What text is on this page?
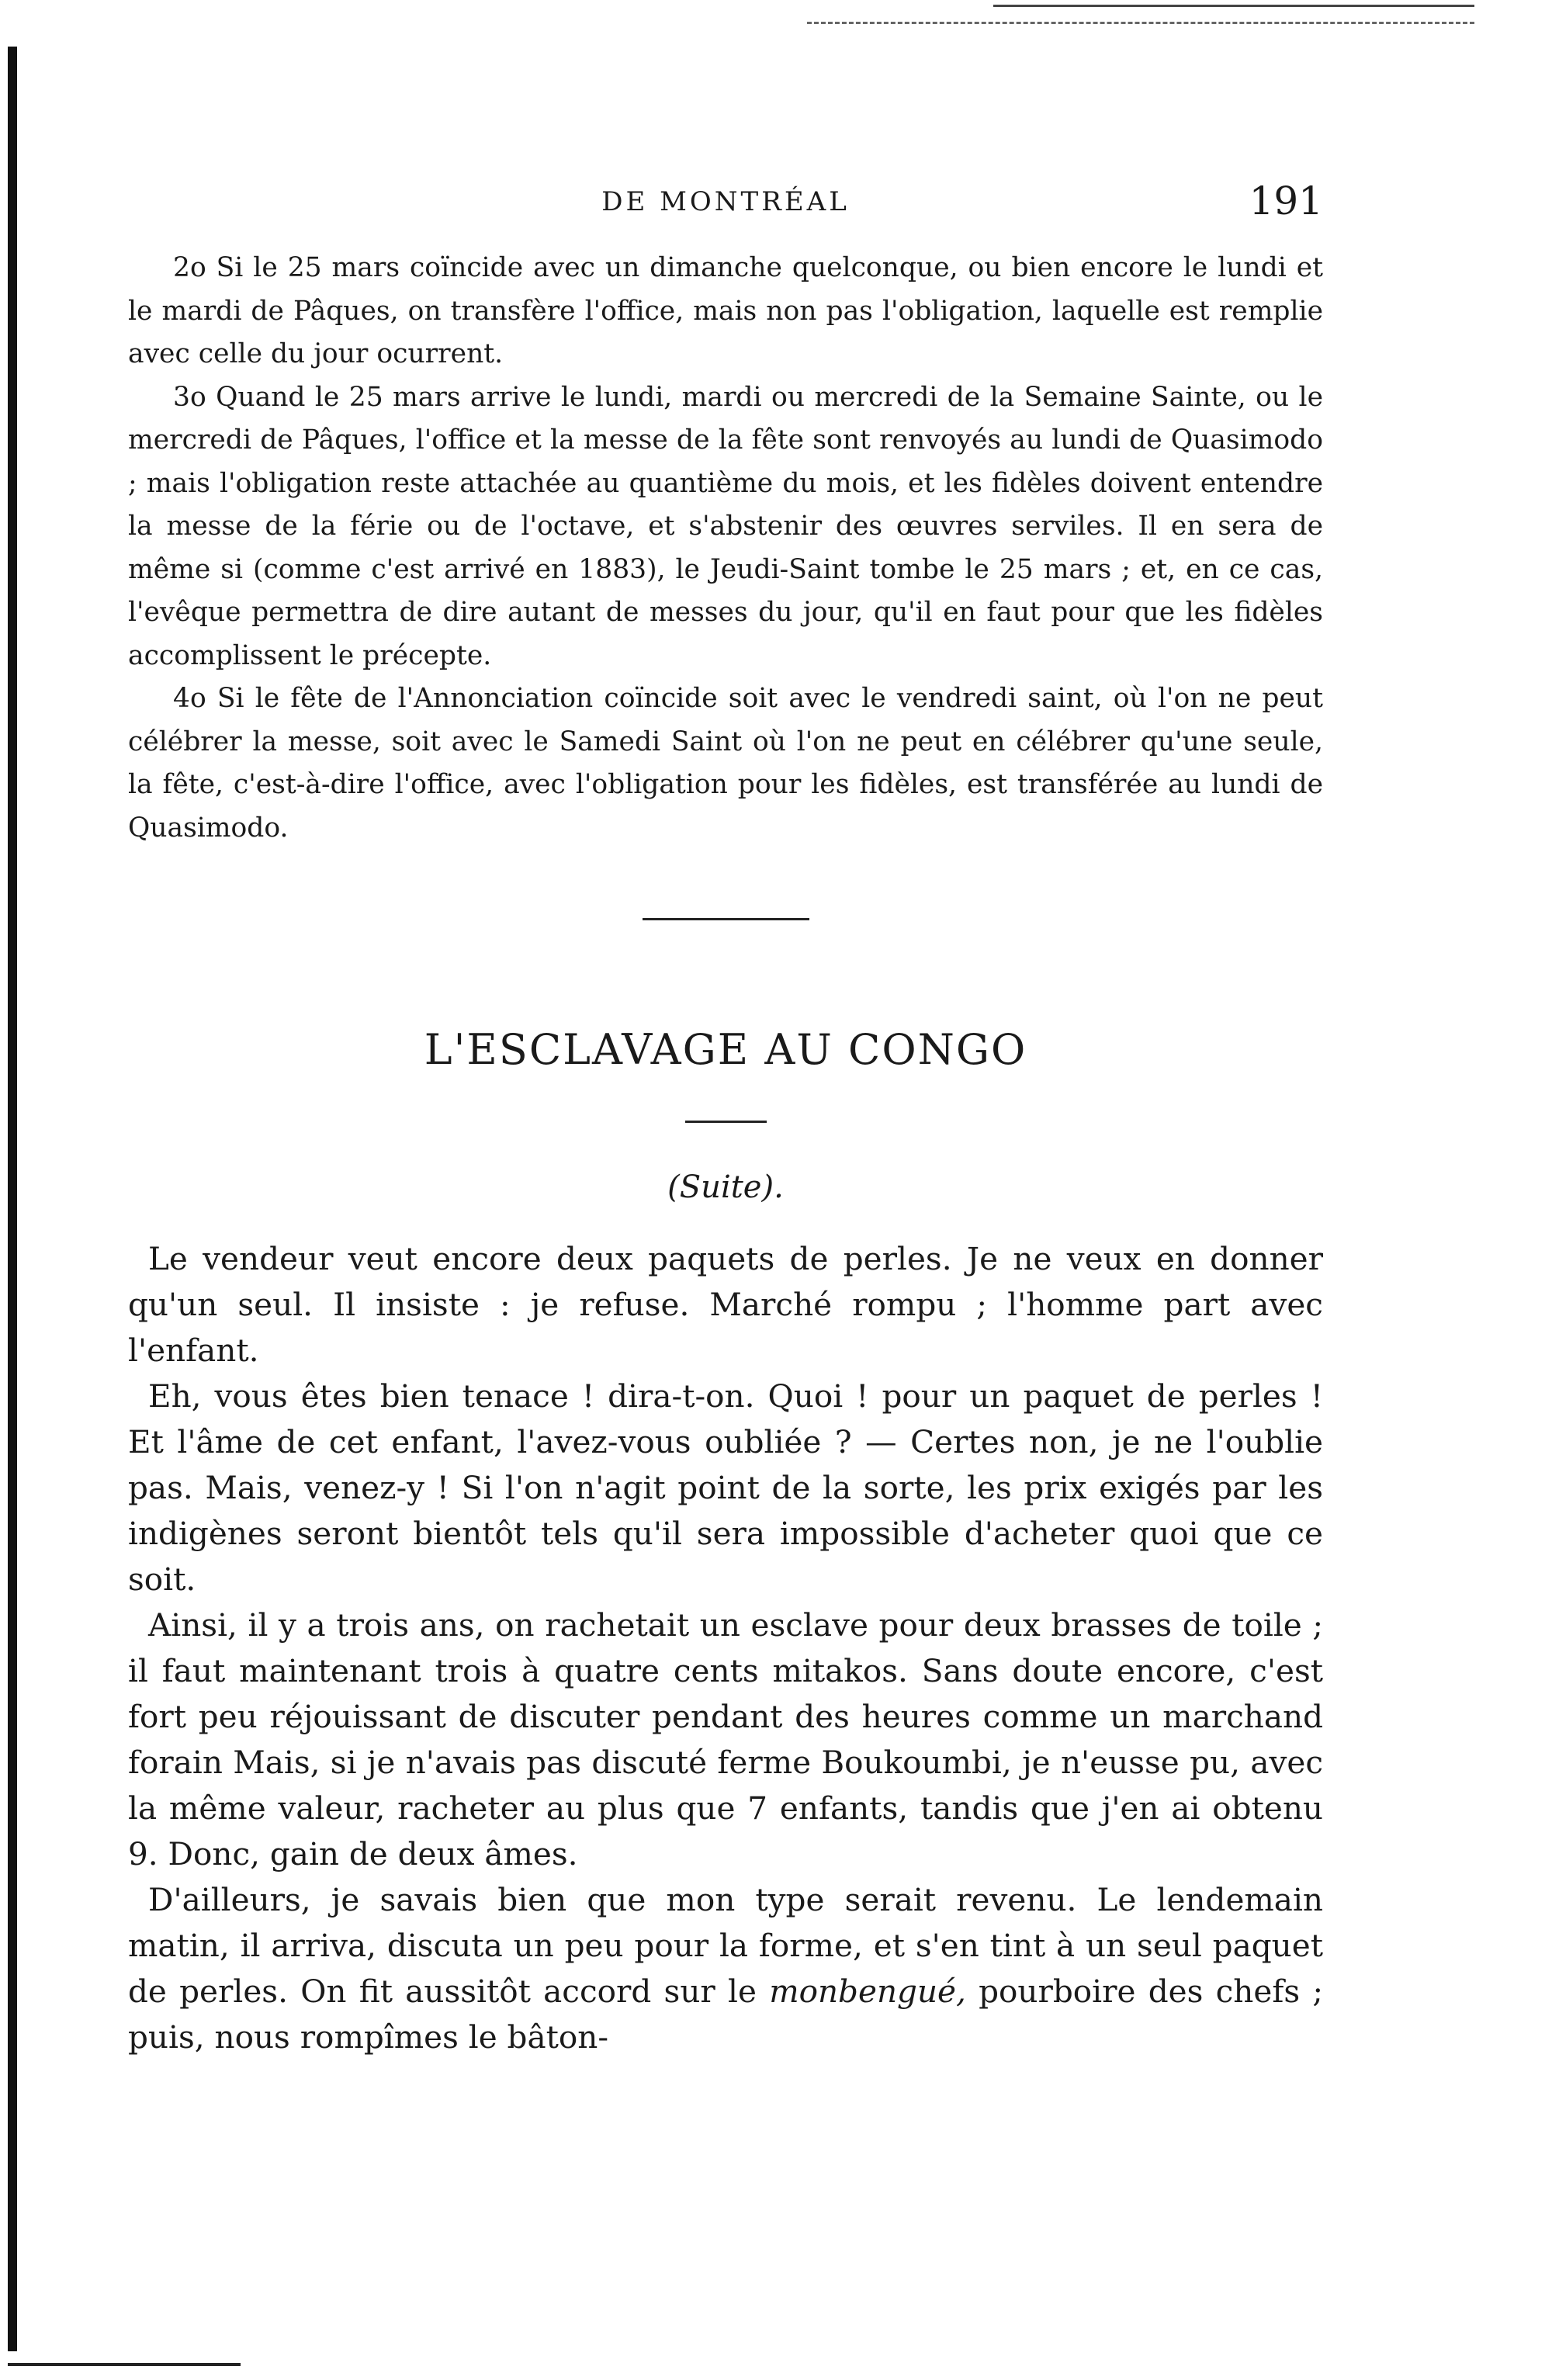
DE MONTRÉAL	191

2o Si le 25 mars coïncide avec un dimanche quelconque, ou bien encore le lundi et le mardi de Pâques, on transfère l'office, mais non pas l'obligation, laquelle est remplie avec celle du jour ocurrent.

3o Quand le 25 mars arrive le lundi, mardi ou mercredi de la Semaine Sainte, ou le mercredi de Pâques, l'office et la messe de la fête sont renvoyés au lundi de Quasimodo ; mais l'obligation reste attachée au quantième du mois, et les fidèles doivent entendre la messe de la férie ou de l'octave, et s'abstenir des œuvres serviles. Il en sera de même si (comme c'est arrivé en 1883), le Jeudi-Saint tombe le 25 mars ; et, en ce cas, l'evêque permettra de dire autant de messes du jour, qu'il en faut pour que les fidèles accomplissent le précepte.

4o Si le fête de l'Annonciation coïncide soit avec le vendredi saint, où l'on ne peut célébrer la messe, soit avec le Samedi Saint où l'on ne peut en célébrer qu'une seule, la fête, c'est-à-dire l'office, avec l'obligation pour les fidèles, est transférée au lundi de Quasimodo.

L'ESCLAVAGE AU CONGO
(Suite).

Le vendeur veut encore deux paquets de perles. Je ne veux en donner qu'un seul. Il insiste : je refuse. Marché rompu ; l'homme part avec l'enfant.

Eh, vous êtes bien tenace ! dira-t-on. Quoi ! pour un paquet de perles ! Et l'âme de cet enfant, l'avez-vous oubliée ? — Certes non, je ne l'oublie pas. Mais, venez-y ! Si l'on n'agit point de la sorte, les prix exigés par les indigènes seront bientôt tels qu'il sera impossible d'acheter quoi que ce soit.

Ainsi, il y a trois ans, on rachetait un esclave pour deux brasses de toile ; il faut maintenant trois à quatre cents mitakos. Sans doute encore, c'est fort peu réjouissant de discuter pendant des heures comme un marchand forain Mais, si je n'avais pas discuté ferme Boukoumbi, je n'eusse pu, avec la même valeur, racheter au plus que 7 enfants, tandis que j'en ai obtenu 9. Donc, gain de deux âmes.

D'ailleurs, je savais bien que mon type serait revenu. Le lendemain matin, il arriva, discuta un peu pour la forme, et s'en tint à un seul paquet de perles. On fit aussitôt accord sur le monbengué, pourboire des chefs ; puis, nous rompîmes le bâton-
